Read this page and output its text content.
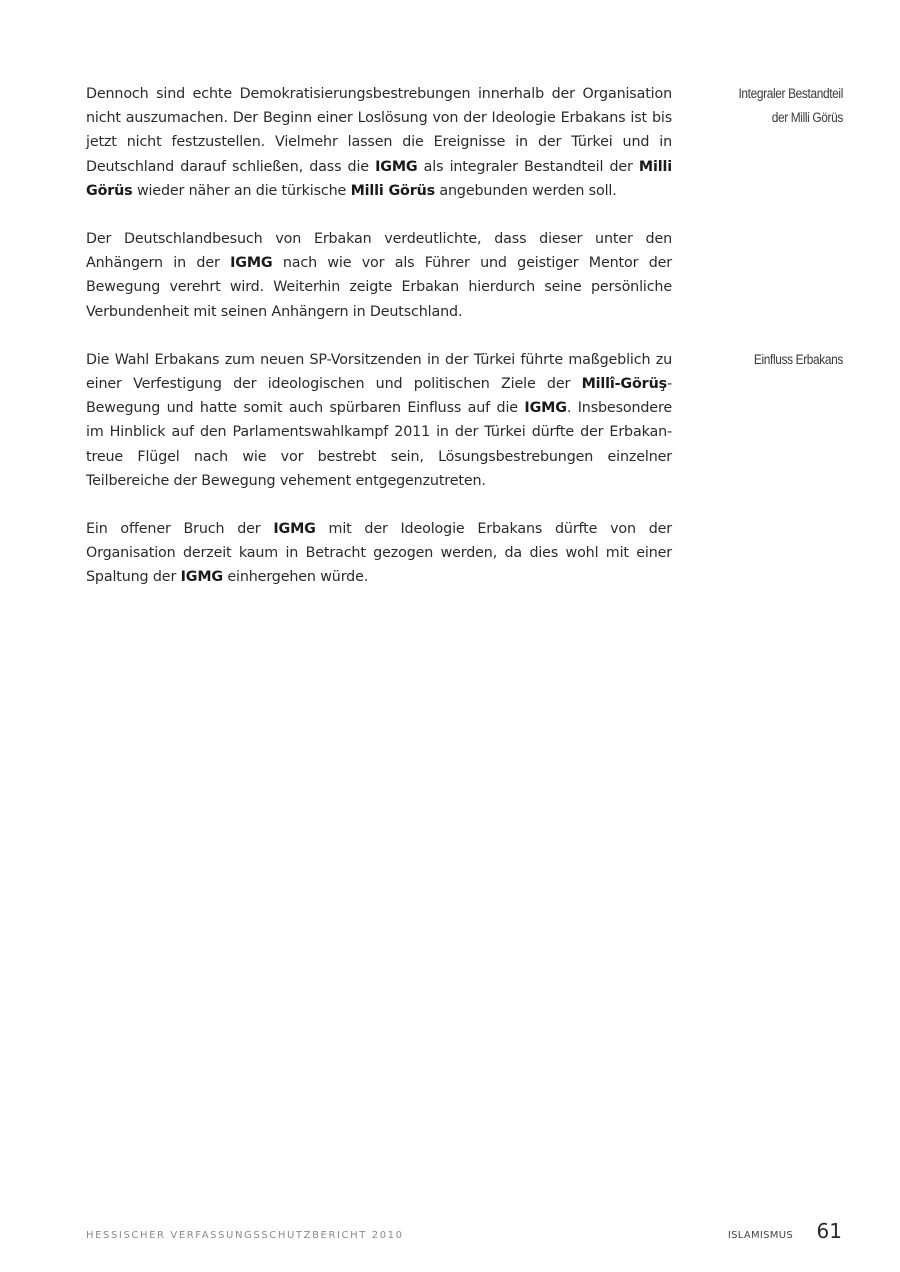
Dennoch sind echte Demokratisierungsbestrebungen innerhalb der Organisation nicht auszumachen. Der Beginn einer Loslösung von der Ideologie Erbakans ist bis jetzt nicht festzustellen. Vielmehr lassen die Ereignisse in der Türkei und in Deutschland darauf schließen, dass die IGMG als integraler Bestandteil der Milli Görüs wieder näher an die türkische Milli Görüs angebunden werden soll.

Der Deutschlandbesuch von Erbakan verdeutlichte, dass dieser unter den Anhängern in der IGMG nach wie vor als Führer und geistiger Mentor der Bewegung verehrt wird. Weiterhin zeigte Erbakan hierdurch seine persönliche Verbundenheit mit seinen Anhängern in Deutschland.

Die Wahl Erbakans zum neuen SP-Vorsitzenden in der Türkei führte maßgeblich zu einer Verfestigung der ideologischen und politischen Ziele der Millî-Görüş-Bewegung und hatte somit auch spürbaren Einfluss auf die IGMG. Insbesondere im Hinblick auf den Parlamentswahlkampf 2011 in der Türkei dürfte der Erbakan-treue Flügel nach wie vor bestrebt sein, Lösungsbestrebungen einzelner Teilbereiche der Bewegung vehement entgegenzutreten.

Ein offener Bruch der IGMG mit der Ideologie Erbakans dürfte von der Organisation derzeit kaum in Betracht gezogen werden, da dies wohl mit einer Spaltung der IGMG einhergehen würde.

Integraler Bestandteil
der Milli Görüs
Einfluss Erbakans
HESSISCHER VERFASSUNGSSCHUTZBERICHT 2010	ISLAMISMUS 61
